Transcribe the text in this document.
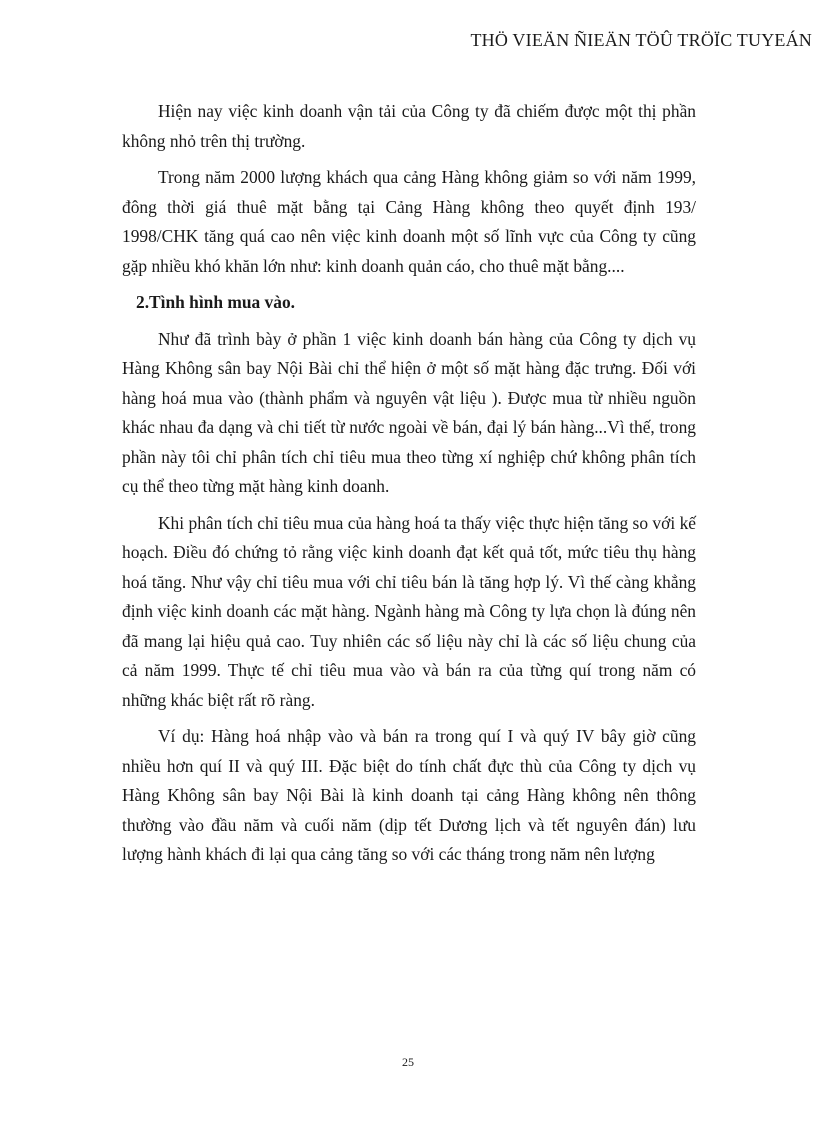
THÖ VIEÄN ÑIEÄN TÖÛ TRÖÏC TUYEÁN

Hiện nay việc kinh doanh vận tải của Công ty đã chiếm được một thị phần không nhỏ trên thị trường.

Trong năm 2000 lượng khách qua cảng Hàng không giảm so với năm 1999, đông thời giá thuê mặt bằng tại Cảng Hàng không theo quyết định 193/ 1998/CHK tăng quá cao nên việc kinh doanh một số lĩnh vực của Công ty cũng gặp nhiều khó khăn lớn như: kinh doanh quản cáo, cho thuê mặt bằng....

2.Tình hình mua vào.

Như đã trình bày ở phần 1 việc kinh doanh bán hàng của Công ty dịch vụ Hàng Không sân bay Nội Bài chỉ thể hiện ở một số mặt hàng đặc trưng. Đối với hàng hoá mua vào (thành phẩm và nguyên vật liệu ). Được mua từ nhiều nguồn khác nhau đa dạng và chi tiết từ nước ngoài về bán, đại lý bán hàng...Vì thế, trong phần này tôi chỉ phân tích chỉ tiêu mua theo từng xí nghiệp chứ không phân tích cụ thể theo từng mặt hàng kinh doanh.

Khi phân tích chỉ tiêu mua của hàng hoá ta thấy việc thực hiện tăng so với kế hoạch. Điều đó chứng tỏ rằng việc kinh doanh đạt kết quả tốt, mức tiêu thụ hàng hoá tăng. Như vậy chỉ tiêu mua với chỉ tiêu bán là tăng hợp lý. Vì thế càng khẳng định việc kinh doanh các mặt hàng. Ngành hàng mà Công ty lựa chọn là đúng nên đã mang lại hiệu quả cao. Tuy nhiên các số liệu này chỉ là các số liệu chung của cả năm 1999. Thực tế chỉ tiêu mua vào và bán ra của từng quí trong năm có những khác biệt rất rõ ràng.

Ví dụ: Hàng hoá nhập vào và bán ra trong quí I và quý IV bây giờ cũng nhiều hơn quí II và quý III. Đặc biệt do tính chất đực thù của Công ty dịch vụ Hàng Không sân bay Nội Bài là kinh doanh tại cảng Hàng không nên thông thường vào đầu năm và cuối năm (dịp tết Dương lịch và tết nguyên đán) lưu lượng hành khách đi lại qua cảng tăng so với các tháng trong năm nên lượng

25
